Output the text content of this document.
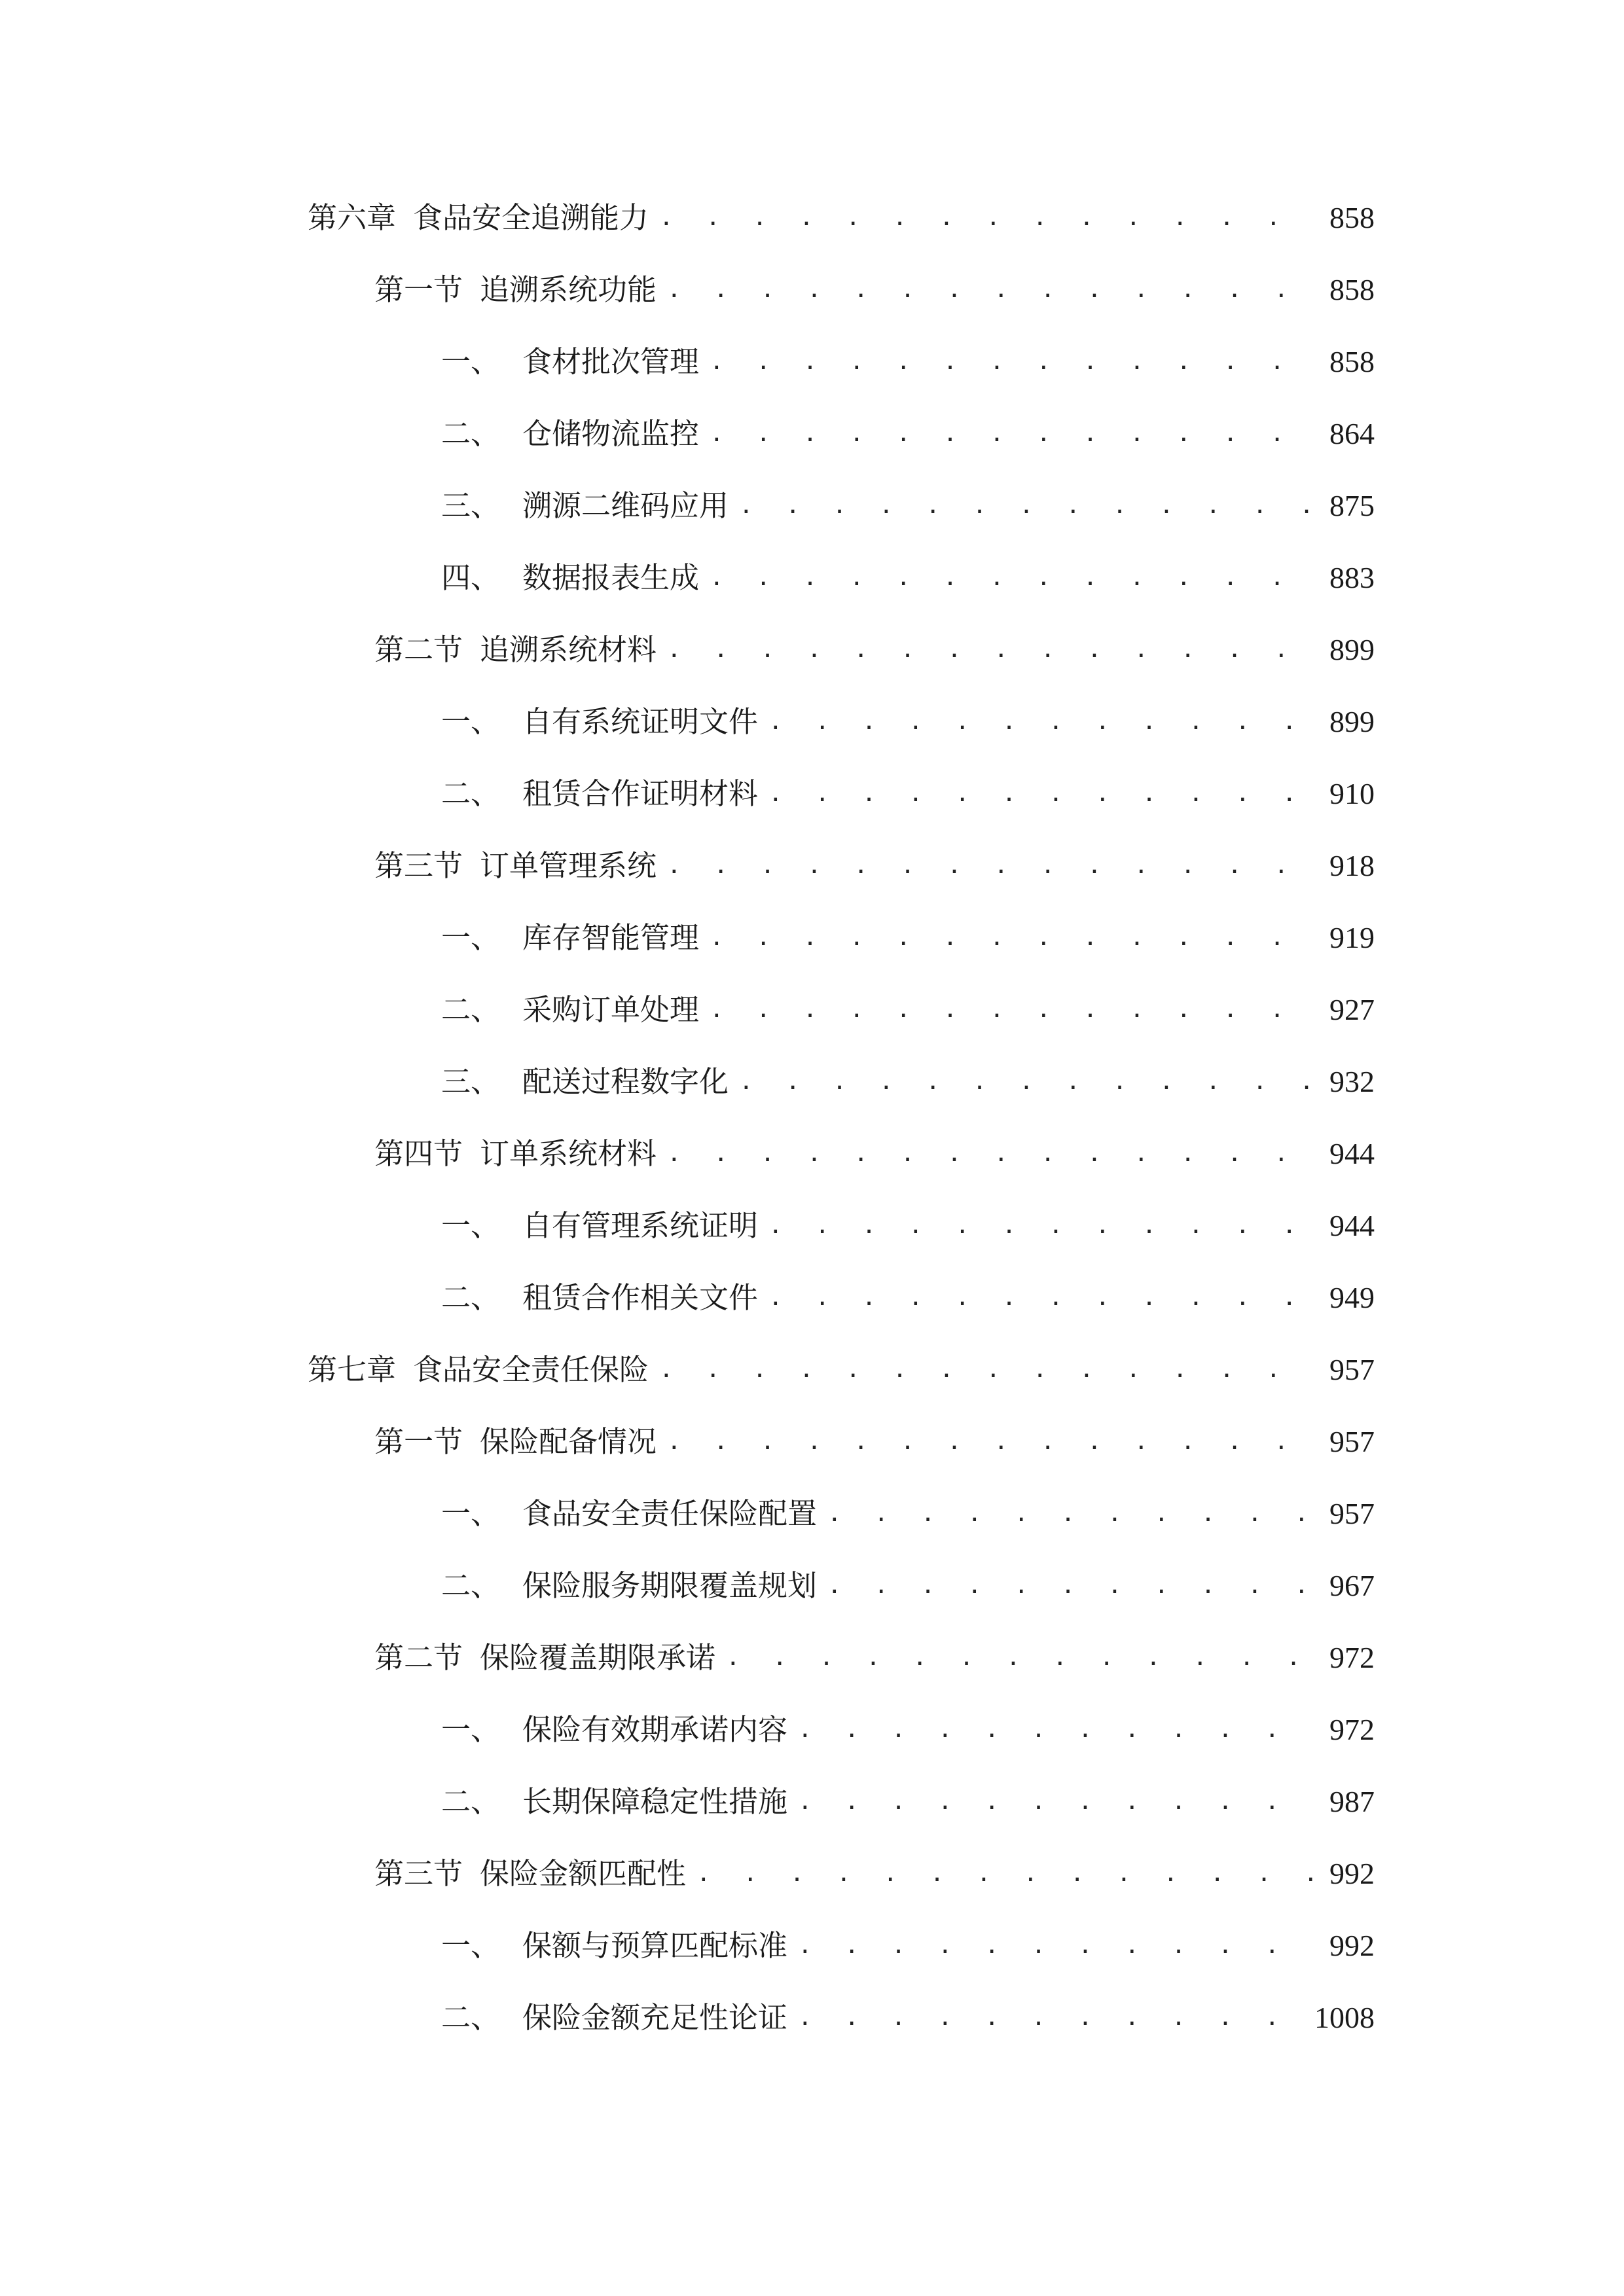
第六章 食品安全追溯能力 . . .	858
第一节 追溯系统功能 . . .	858
一、 食材批次管理 . . .	858
二、 仓储物流监控 . . .	864
三、 溯源二维码应用 . . .	875
四、 数据报表生成 . . .	883
第二节 追溯系统材料 . . .	899
一、 自有系统证明文件 . . .	899
二、 租赁合作证明材料 . . .	910
第三节 订单管理系统 . . .	918
一、 库存智能管理 . . .	919
二、 采购订单处理 . . .	927
三、 配送过程数字化 . . .	932
第四节 订单系统材料 . . .	944
一、 自有管理系统证明 . . .	944
二、 租赁合作相关文件 . . .	949
第七章 食品安全责任保险 . . .	957
第一节 保险配备情况 . . .	957
一、 食品安全责任保险配置 . . .	957
二、 保险服务期限覆盖规划 . . .	967
第二节 保险覆盖期限承诺 . . .	972
一、 保险有效期承诺内容 . . .	972
二、 长期保障稳定性措施 . . .	987
第三节 保险金额匹配性 . . .	992
一、 保额与预算匹配标准 . . .	992
二、 保险金额充足性论证 . . .	1008
